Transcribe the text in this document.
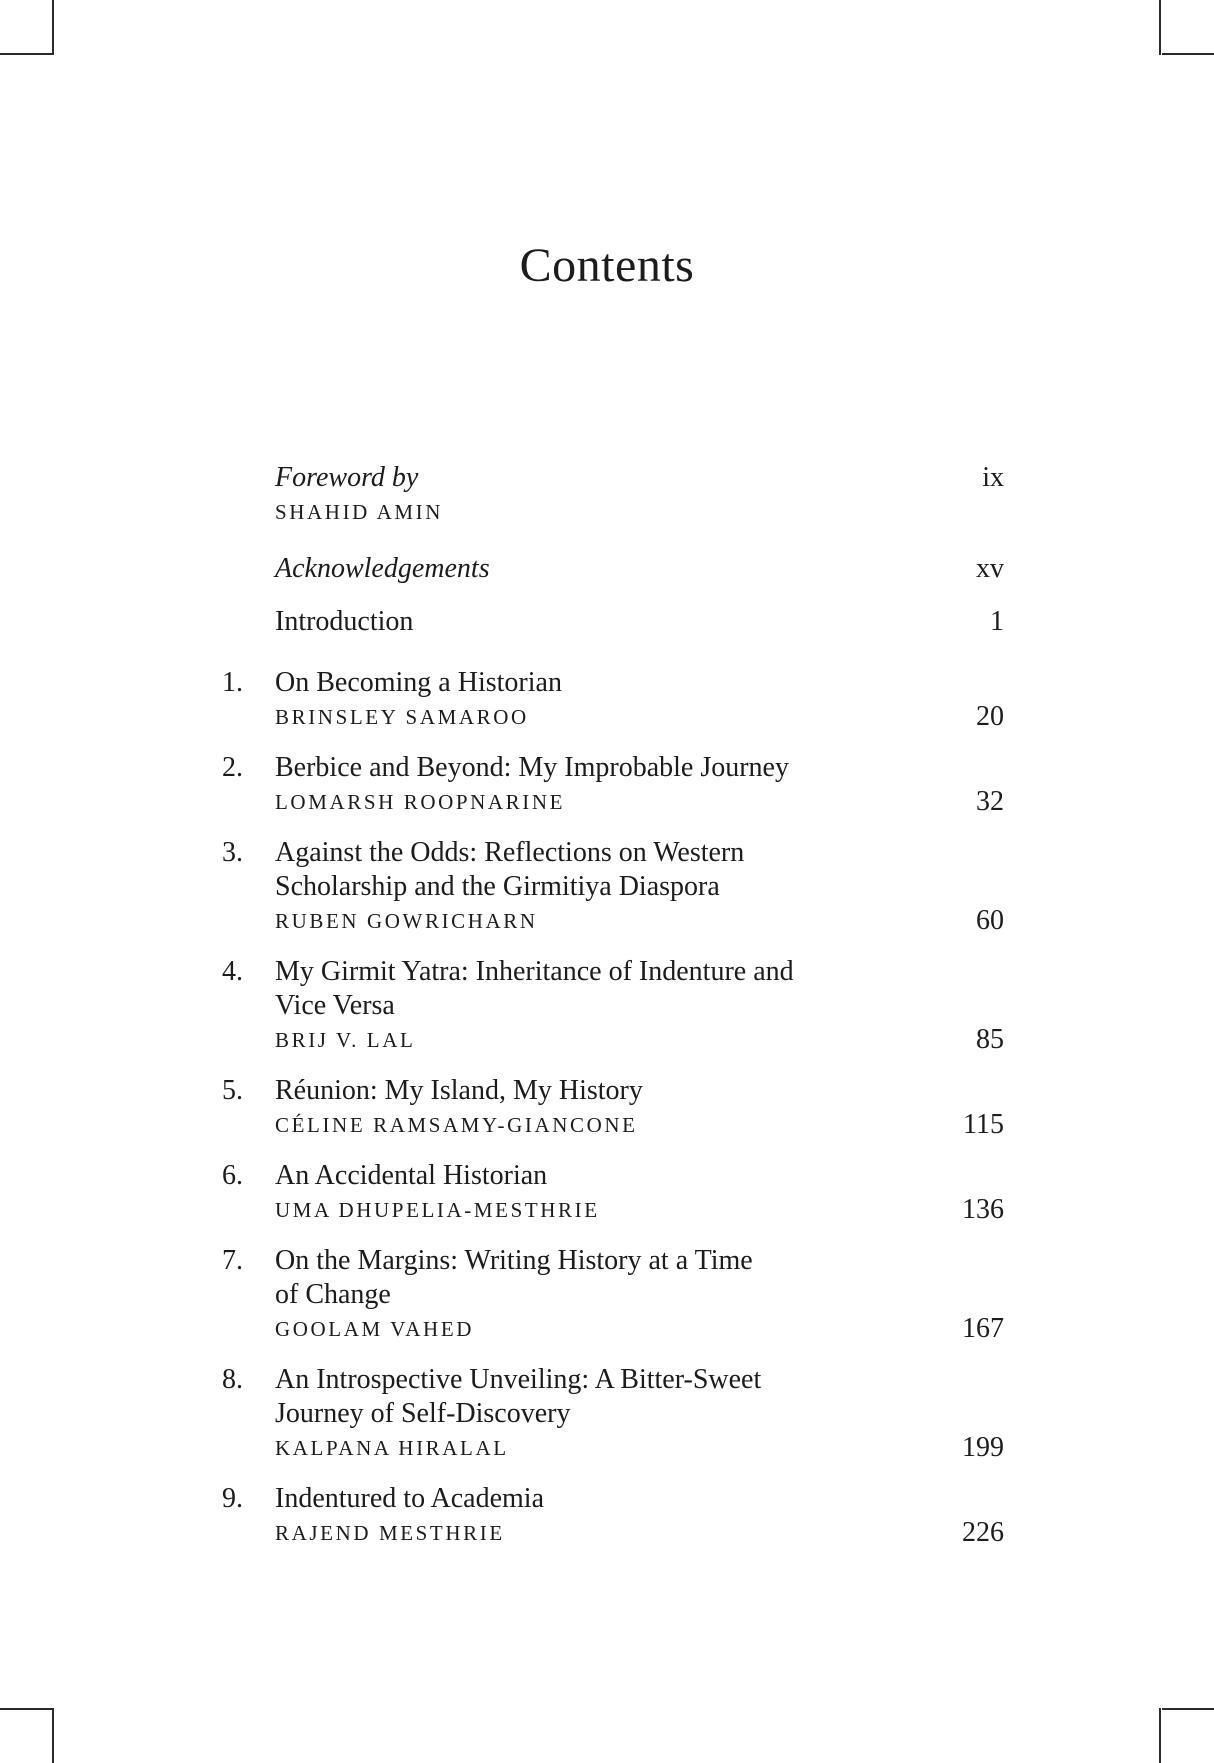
Contents
Foreword by	ix
SHAHID AMIN
Acknowledgements	xv
Introduction	1
1.	On Becoming a Historian
BRINSLEY SAMAROO	20
2.	Berbice and Beyond: My Improbable Journey
LOMARSH ROOPNARINE	32
3.	Against the Odds: Reflections on Western
Scholarship and the Girmitiya Diaspora
RUBEN GOWRICHARN	60
4.	My Girmit Yatra: Inheritance of Indenture and
Vice Versa
BRIJ V. LAL	85
5.	Réunion: My Island, My History
CÉLINE RAMSAMY-GIANCONE	115
6.	An Accidental Historian
UMA DHUPELIA-MESTHRIE	136
7.	On the Margins: Writing History at a Time
of Change
GOOLAM VAHED	167
8.	An Introspective Unveiling: A Bitter-Sweet
Journey of Self-Discovery
KALPANA HIRALAL	199
9.	Indentured to Academia
RAJEND MESTHRIE	226
